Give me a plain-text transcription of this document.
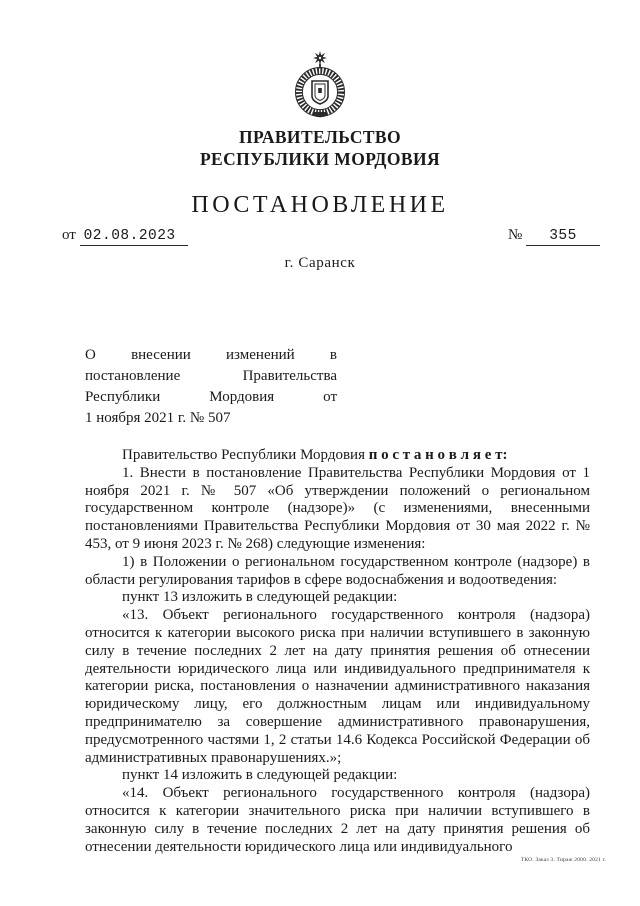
ПРАВИТЕЛЬСТВО
РЕСПУБЛИКИ МОРДОВИЯ
ПОСТАНОВЛЕНИЕ
от 02.08.2023	№ 355
г. Саранск
О внесении изменений в
постановление Правительства
Республики Мордовия от
1 ноября 2021 г. № 507

Правительство Республики Мордовия п о с т а н о в л я е т:

1. Внести в постановление Правительства Республики Мордовия от 1 ноября 2021 г. № 507 «Об утверждении положений о региональном государственном контроле (надзоре)» (с изменениями, внесенными постановлениями Правительства Республики Мордовия от 30 мая 2022 г. № 453, от 9 июня 2023 г. № 268) следующие изменения:

1) в Положении о региональном государственном контроле (надзоре) в области регулирования тарифов в сфере водоснабжения и водоотведения:

пункт 13 изложить в следующей редакции:

«13. Объект регионального государственного контроля (надзора) относится к категории высокого риска при наличии вступившего в законную силу в течение последних 2 лет на дату принятия решения об отнесении деятельности юридического лица или индивидуального предпринимателя к категории риска, постановления о назначении административного наказания юридическому лицу, его должностным лицам или индивидуальному предпринимателю за совершение административного правонарушения, предусмотренного частями 1, 2 статьи 14.6 Кодекса Российской Федерации об административных правонарушениях.»;

пункт 14 изложить в следующей редакции:

«14. Объект регионального государственного контроля (надзора) относится к категории значительного риска при наличии вступившего в законную силу в течение последних 2 лет на дату принятия решения об отнесении деятельности юридического лица или индивидуального

ТКО. Заказ 3. Тираж 2000. 2021 г.
